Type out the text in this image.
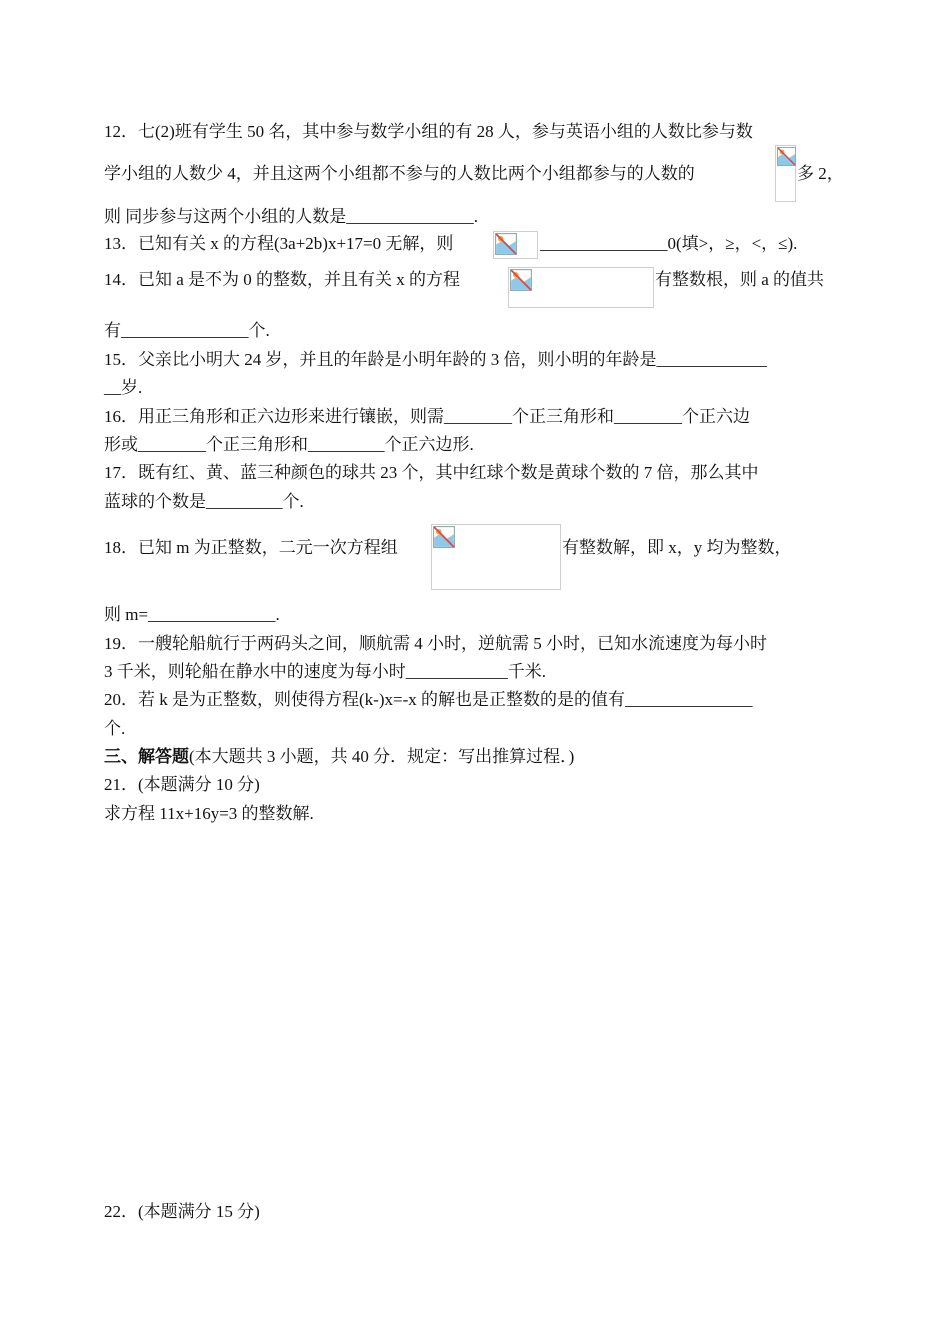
12．七(2)班有学生 50 名，其中参与数学小组的有 28 人，参与英语小组的人数比参与数
学小组的人数少 4，并且这两个小组都不参与的人数比两个小组都参与的人数的	多 2，
则 同步参与这两个小组的人数是_______________.
13．已知有关 x 的方程(3a+2b)x+17=0 无解，则	_______________0(填>，≥，<，≤).
14．已知 a 是不为 0 的整数，并且有关 x 的方程	有整数根，则 a 的值共
有_______________个.
15．父亲比小明大 24 岁，并且的年龄是小明年龄的 3 倍，则小明的年龄是_____________
__岁.
16．用正三角形和正六边形来进行镶嵌，则需________个正三角形和________个正六边
形或________个正三角形和_________个正六边形.
17．既有红、黄、蓝三种颜色的球共 23 个，其中红球个数是黄球个数的 7 倍，那么其中
蓝球的个数是_________个.
18．已知 m 为正整数，二元一次方程组	有整数解，即 x，y 均为整数，
则 m=_______________.
19．一艘轮船航行于两码头之间，顺航需 4 小时，逆航需 5 小时，已知水流速度为每小时
3 千米，则轮船在静水中的速度为每小时____________千米.
20．若 k 是为正整数，则使得方程(k-)x=-x 的解也是正整数的是的值有_______________
个.
三、解答题(本大题共 3 小题，共 40 分．规定：写出推算过程．)
21．(本题满分 10 分)
求方程 11x+16y=3 的整数解.
22．(本题满分 15 分)
